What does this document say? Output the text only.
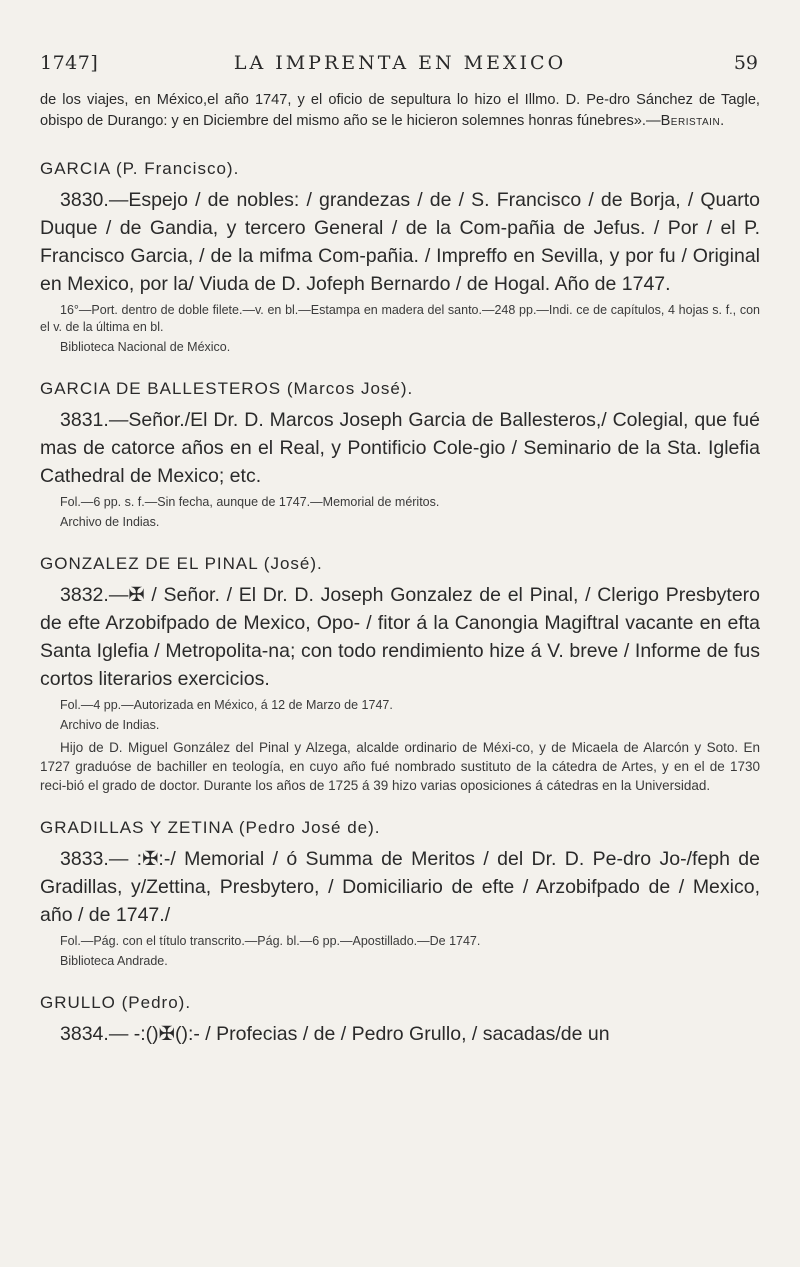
1747]	LA IMPRENTA EN MEXICO	59

de los viajes, en México,el año 1747, y el oficio de sepultura lo hizo el Illmo. D. Pe-dro Sánchez de Tagle, obispo de Durango: y en Diciembre del mismo año se le hicieron solemnes honras fúnebres».—Beristain.

GARCIA (P. Francisco).

3830.—Espejo / de nobles: / grandezas / de / S. Francisco / de Borja, / Quarto Duque / de Gandia, y tercero General / de la Com-pañia de Jefus. / Por / el P. Francisco Garcia, / de la mifma Com-pañia. / Impreffo en Sevilla, y por fu / Original en Mexico, por la/ Viuda de D. Jofeph Bernardo / de Hogal. Año de 1747.

16°—Port. dentro de doble filete.—v. en bl.—Estampa en madera del santo.—248 pp.—Indi. ce de capítulos, 4 hojas s. f., con el v. de la última en bl.

Biblioteca Nacional de México.

GARCIA DE BALLESTEROS (Marcos José).

3831.—Señor./El Dr. D. Marcos Joseph Garcia de Ballesteros,/ Colegial, que fué mas de catorce años en el Real, y Pontificio Cole-gio / Seminario de la Sta. Iglefia Cathedral de Mexico; etc.

Fol.—6 pp. s. f.—Sin fecha, aunque de 1747.—Memorial de méritos.

Archivo de Indias.

GONZALEZ DE EL PINAL (José).

3832.—✠ / Señor. / El Dr. D. Joseph Gonzalez de el Pinal, / Clerigo Presbytero de efte Arzobifpado de Mexico, Opo- / fitor á la Canongia Magiftral vacante en efta Santa Iglefia / Metropolita-na; con todo rendimiento hize á V. breve / Informe de fus cortos literarios exercicios.

Fol.—4 pp.—Autorizada en México, á 12 de Marzo de 1747.

Archivo de Indias.

Hijo de D. Miguel González del Pinal y Alzega, alcalde ordinario de Méxi-co, y de Micaela de Alarcón y Soto. En 1727 graduóse de bachiller en teología, en cuyo año fué nombrado sustituto de la cátedra de Artes, y en el de 1730 reci-bió el grado de doctor. Durante los años de 1725 á 39 hizo varias oposiciones á cátedras en la Universidad.

GRADILLAS Y ZETINA (Pedro José de).

3833.— :✠:-/ Memorial / ó Summa de Meritos / del Dr. D. Pe-dro Jo-/feph de Gradillas, y/Zettina, Presbytero, / Domiciliario de efte / Arzobifpado de / Mexico, año / de 1747./

Fol.—Pág. con el título transcrito.—Pág. bl.—6 pp.—Apostillado.—De 1747.

Biblioteca Andrade.

GRULLO (Pedro).

3834.— -:()✠():- / Profecias / de / Pedro Grullo, / sacadas/de un
